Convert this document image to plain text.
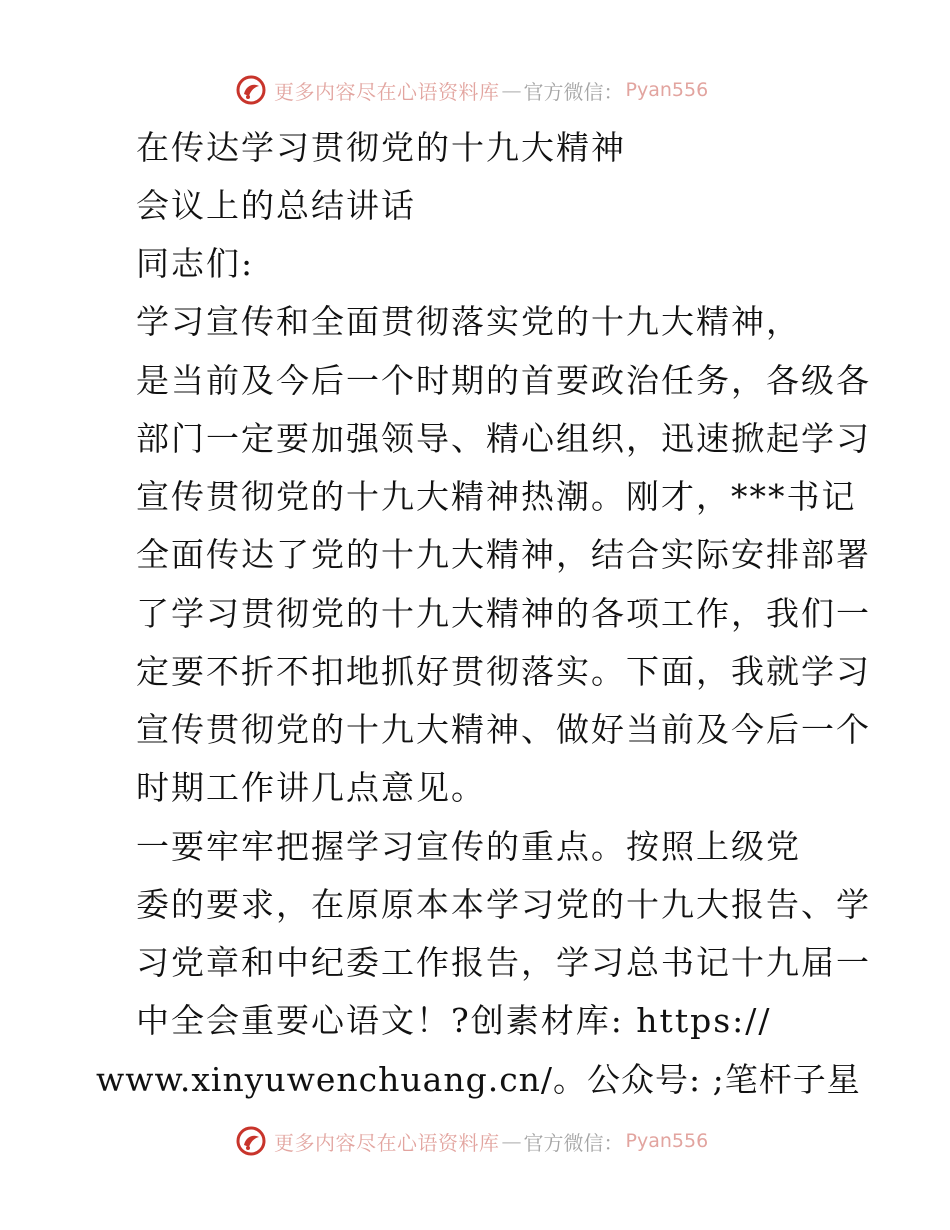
更多内容尽在心语资料库 — 官方微信： Pyan556
在传达学习贯彻党的十九大精神
会议上的总结讲话
同志们:
学习宣传和全面贯彻落实党的十九大精神，
是当前及今后一个时期的首要政治任务，各级各
部门一定要加强领导、精心组织，迅速掀起学习
宣传贯彻党的十九大精神热潮。刚才，***书记
全面传达了党的十九大精神，结合实际安排部署
了学习贯彻党的十九大精神的各项工作，我们一
定要不折不扣地抓好贯彻落实。下面，我就学习
宣传贯彻党的十九大精神、做好当前及今后一个
时期工作讲几点意见。
一要牢牢把握学习宣传的重点。按照上级党
委的要求，在原原本本学习党的十九大报告、学
习党章和中纪委工作报告，学习总书记十九届一
中全会重要心语文！?创素材库: https://
www.xinyuwenchuang.cn/。公众号: ;笔杆子星
更多内容尽在心语资料库 — 官方微信： Pyan556
